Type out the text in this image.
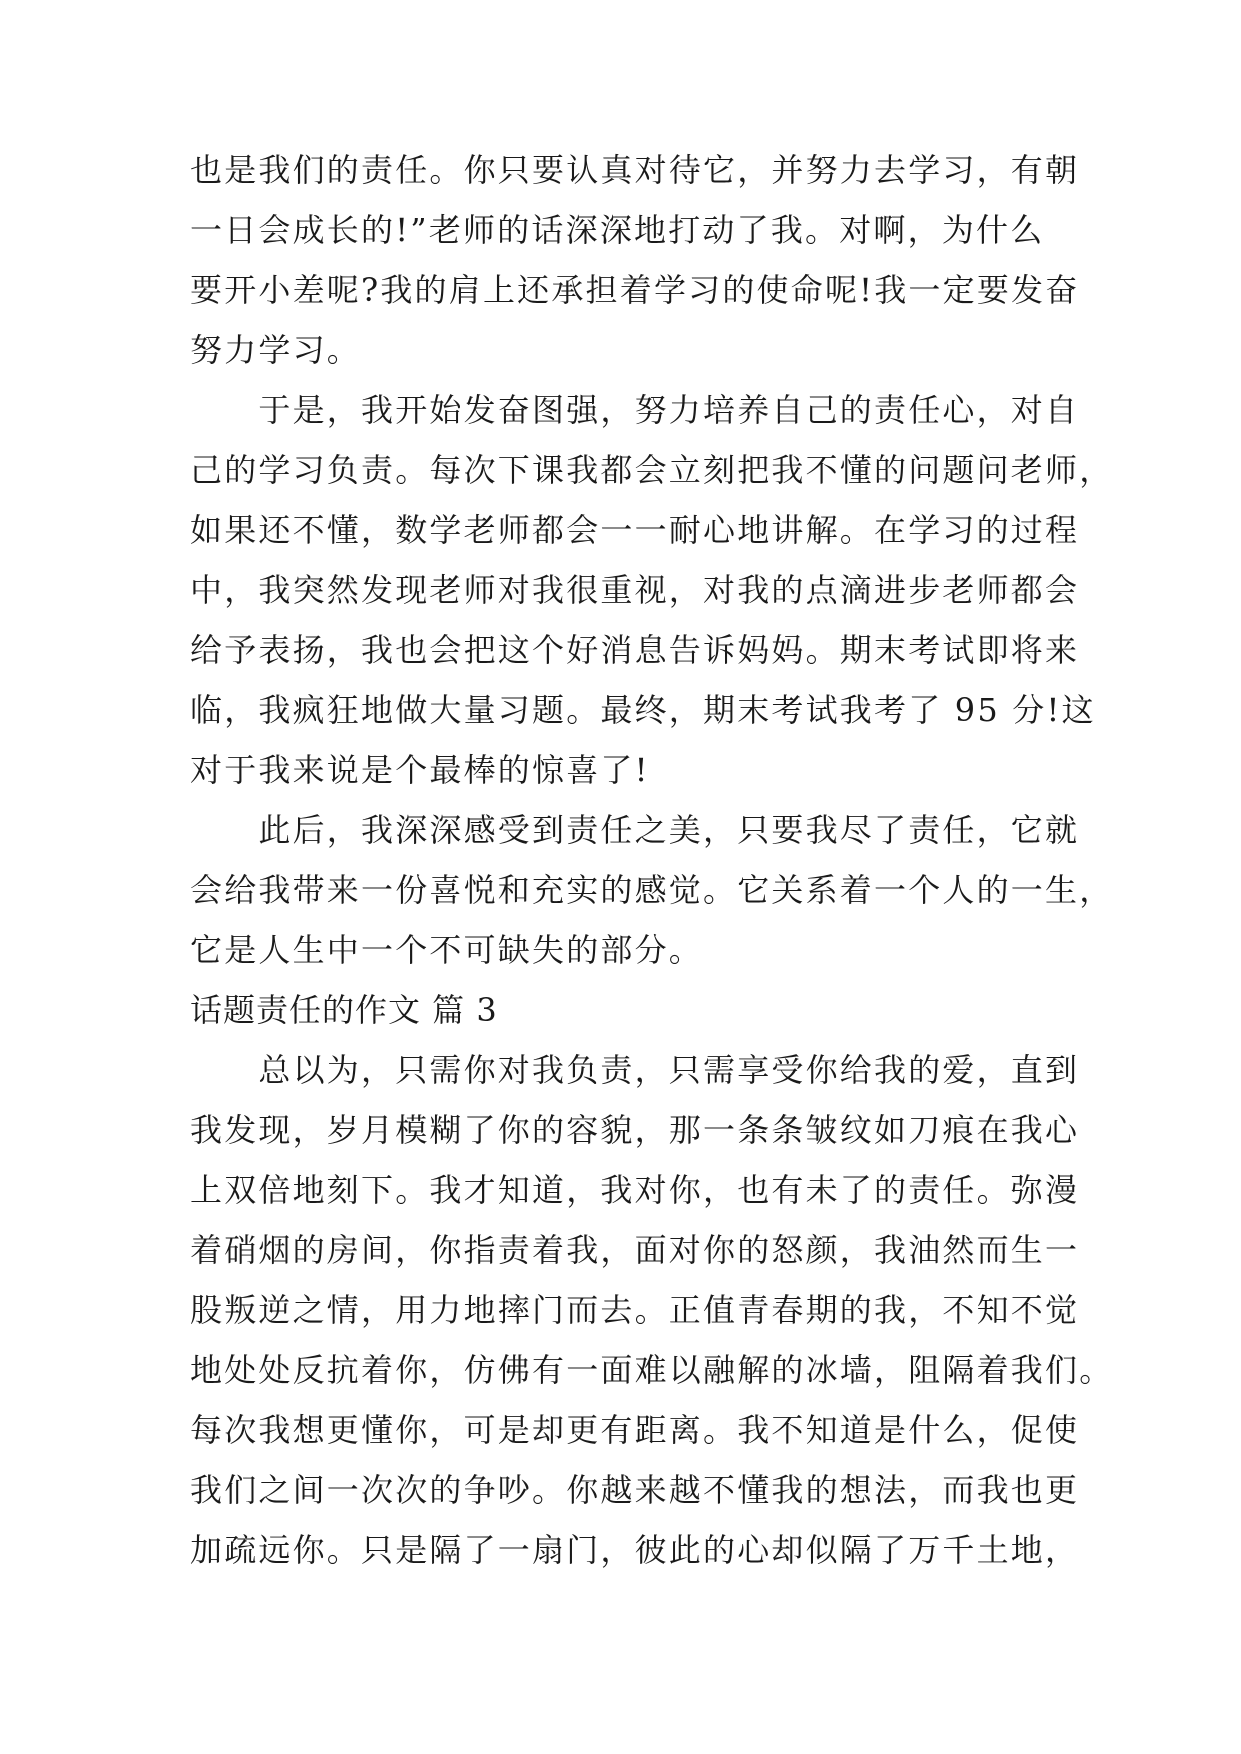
也是我们的责任。你只要认真对待它，并努力去学习，有朝
一日会成长的!”老师的话深深地打动了我。对啊，为什么
要开小差呢?我的肩上还承担着学习的使命呢!我一定要发奋
努力学习。
　　于是，我开始发奋图强，努力培养自己的责任心，对自
己的学习负责。每次下课我都会立刻把我不懂的问题问老师，
如果还不懂，数学老师都会一一耐心地讲解。在学习的过程
中，我突然发现老师对我很重视，对我的点滴进步老师都会
给予表扬，我也会把这个好消息告诉妈妈。期末考试即将来
临，我疯狂地做大量习题。最终，期末考试我考了 95 分!这
对于我来说是个最棒的惊喜了!
　　此后，我深深感受到责任之美，只要我尽了责任，它就
会给我带来一份喜悦和充实的感觉。它关系着一个人的一生，
它是人生中一个不可缺失的部分。
话题责任的作文 篇 3
　　总以为，只需你对我负责，只需享受你给我的爱，直到
我发现，岁月模糊了你的容貌，那一条条皱纹如刀痕在我心
上双倍地刻下。我才知道，我对你，也有未了的责任。弥漫
着硝烟的房间，你指责着我，面对你的怒颜，我油然而生一
股叛逆之情，用力地摔门而去。正值青春期的我，不知不觉
地处处反抗着你，仿佛有一面难以融解的冰墙，阻隔着我们。
每次我想更懂你，可是却更有距离。我不知道是什么，促使
我们之间一次次的争吵。你越来越不懂我的想法，而我也更
加疏远你。只是隔了一扇门，彼此的心却似隔了万千土地，
